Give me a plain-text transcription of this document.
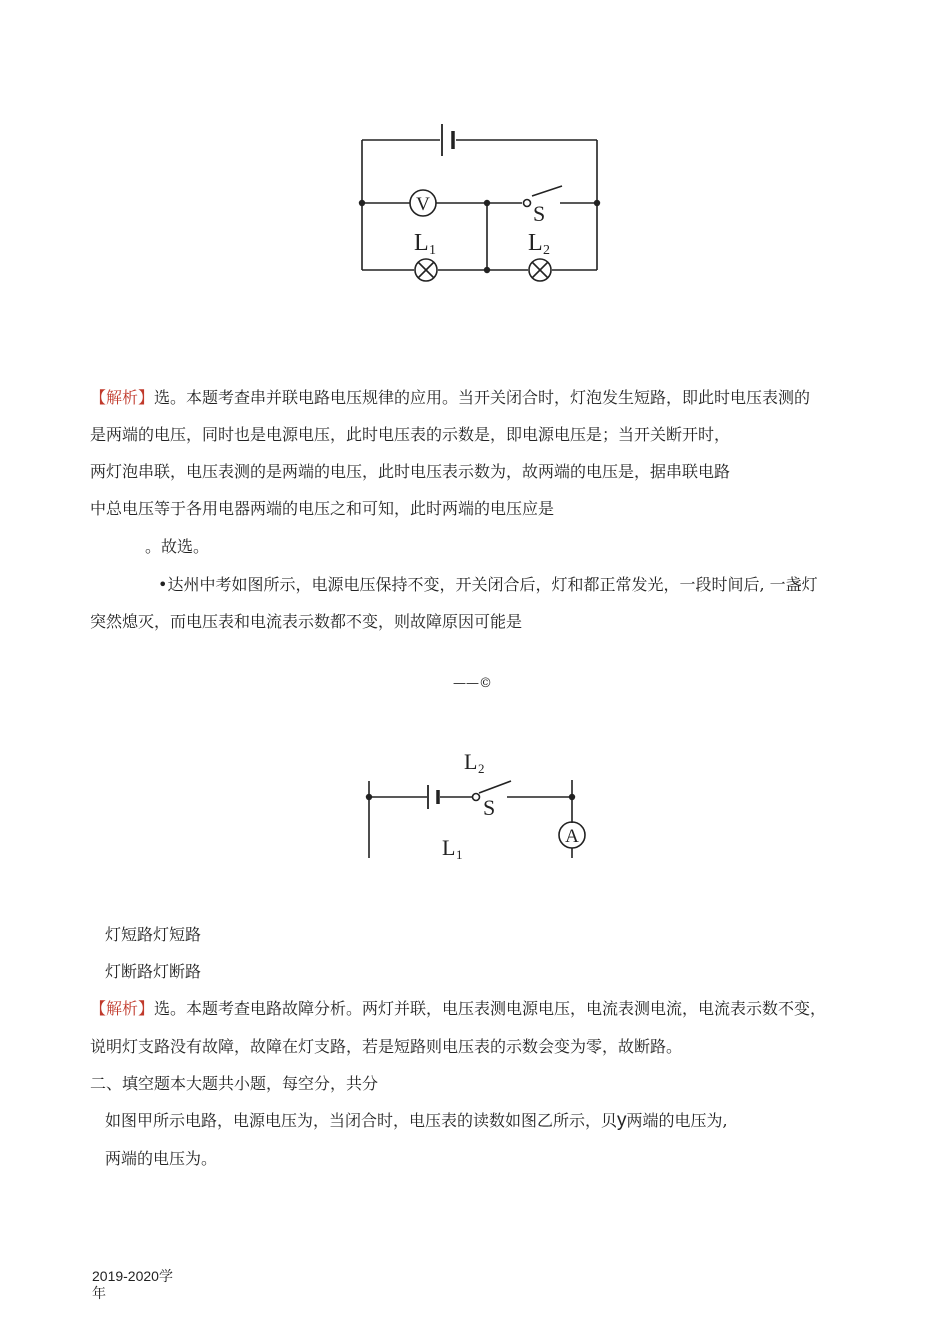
V	S
L 1	L 2
【解析】选。本题考查串并联电路电压规律的应用。当开关闭合时，灯泡发生短路，即此时电压表测的
是两端的电压，同时也是电源电压，此时电压表的示数是，即电源电压是；当开关断开时，
两灯泡串联，电压表测的是两端的电压，此时电压表示数为，故两端的电压是，据串联电路
中总电压等于各用电器两端的电压之和可知，此时两端的电压应是
。故选。
•达州中考如图所示，电源电压保持不变，开关闭合后，灯和都正常发光，一段时间后, 一盏灯
突然熄灭，而电压表和电流表示数都不变，则故障原因可能是
——©
L 2
S
A
L 1
灯短路灯短路
灯断路灯断路
【解析】选。本题考查电路故障分析。两灯并联，电压表测电源电压，电流表测电流，电流表示数不变，
说明灯支路没有故障，故障在灯支路，若是短路则电压表的示数会变为零，故断路。
二、填空题本大题共小题，每空分，共分
如图甲所示电路，电源电压为，当闭合时，电压表的读数如图乙所示，贝y两端的电压为,
两端的电压为。
2019-2020学
年
